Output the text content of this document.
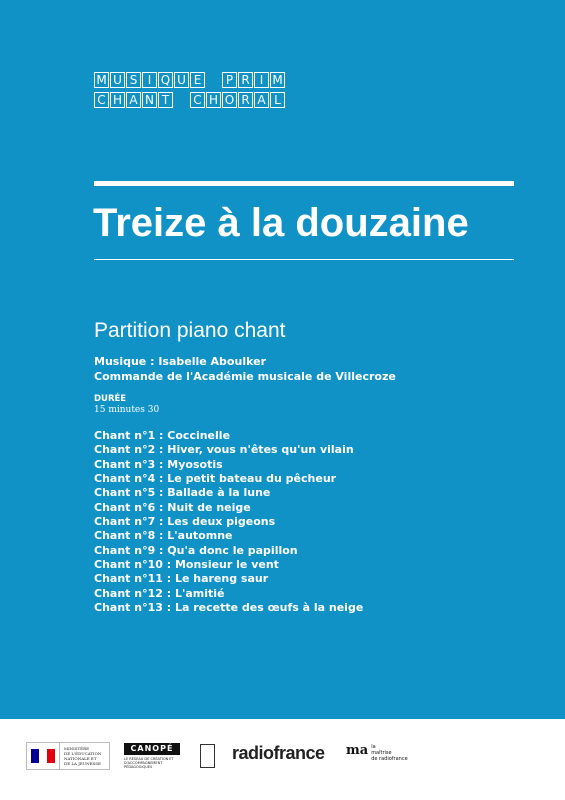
M U S I Q U E	P R I M
C H A N T	C H O R A L
Treize à la douzaine
Partition piano chant
Musique : Isabelle Aboulker
Commande de l'Académie musicale de Villecroze
DURÉE
15 minutes 30
Chant n°1 : Coccinelle
Chant n°2 : Hiver, vous n'êtes qu'un vilain
Chant n°3 : Myosotis
Chant n°4 : Le petit bateau du pêcheur
Chant n°5 : Ballade à la lune
Chant n°6 : Nuit de neige
Chant n°7 : Les deux pigeons
Chant n°8 : L'automne
Chant n°9 : Qu'a donc le papillon
Chant n°10 : Monsieur le vent
Chant n°11 : Le hareng saur
Chant n°12 : L'amitié
Chant n°13 : La recette des œufs à la neige
MINISTÈRE
DE L'ÉDUCATION
NATIONALE ET
DE LA JEUNESSE
CANOPÉ
LE RÉSEAU DE CRÉATION ET D'ACCOMPAGNEMENT PÉDAGOGIQUES
radiofrance ma la
maîtrise
de radiofrance
